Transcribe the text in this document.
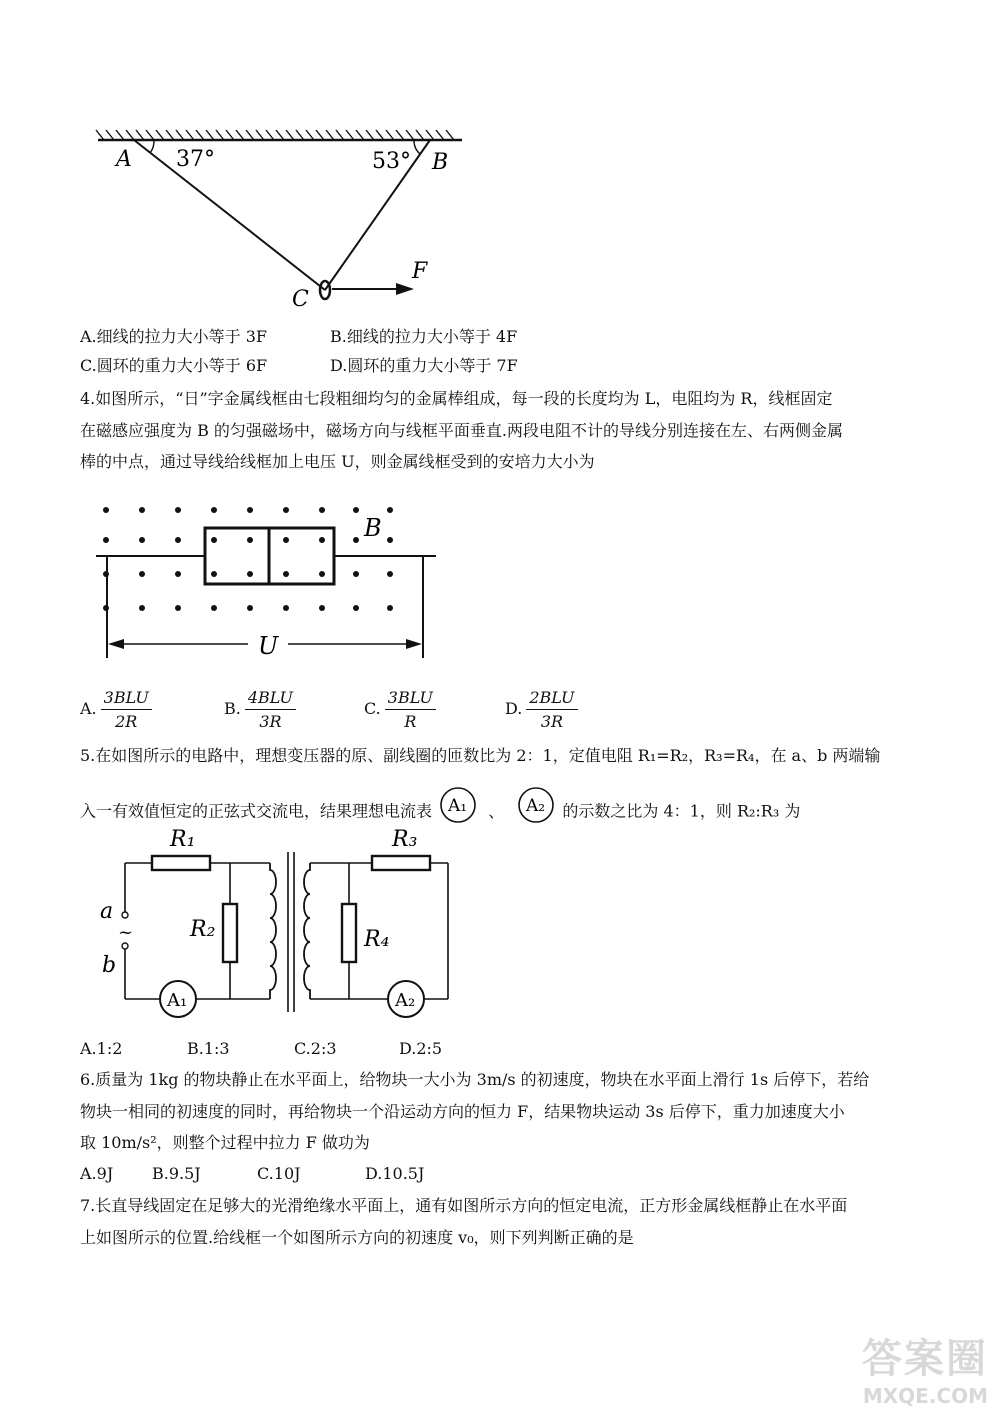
A 37°	53° B
C
F
A.细线的拉力大小等于 3F	B.细线的拉力大小等于 4F
C.圆环的重力大小等于 6F	D.圆环的重力大小等于 7F
4.如图所示，“日”字金属线框由七段粗细均匀的金属棒组成，每一段的长度均为 L，电阻均为 R，线框固定
在磁感应强度为 B 的匀强磁场中，磁场方向与线框平面垂直.两段电阻不计的导线分别连接在左、右两侧金属
棒的中点，通过导线给线框加上电压 U，则金属线框受到的安培力大小为
U
B
A. $\frac{\text{3BLU}}{2R}$	B. $\frac{\text{4BLU}}{3R}$	C. $\frac{\text{3BLU}}{R}$	D. $\frac{\text{2BLU}}{3R}$
5.在如图所示的电路中，理想变压器的原、副线圈的匝数比为 2：1，定值电阻 R₁=R₂，R₃=R₄，在 a、b 两端输
入一有效值恒定的正弦式交流电，结果理想电流表 A₁ 、 A₂ 的示数之比为 4：1，则 R₂:R₃ 为
R₁
R₂
R₃
R₄
a
~
b
A₁	A₂
A.1:2	B.1:3	C.2:3	D.2:5
6.质量为 1kg 的物块静止在水平面上，给物块一大小为 3m/s 的初速度，物块在水平面上滑行 1s 后停下，若给
物块一相同的初速度的同时，再给物块一个沿运动方向的恒力 F，结果物块运动 3s 后停下，重力加速度大小
取 10m/s²，则整个过程中拉力 F 做功为
A.9J B.9.5J	C.10J	D.10.5J
7.长直导线固定在足够大的光滑绝缘水平面上，通有如图所示方向的恒定电流，正方形金属线框静止在水平面
上如图所示的位置.给线框一个如图所示方向的初速度 v₀，则下列判断正确的是
答案圈
MXQE.COM
